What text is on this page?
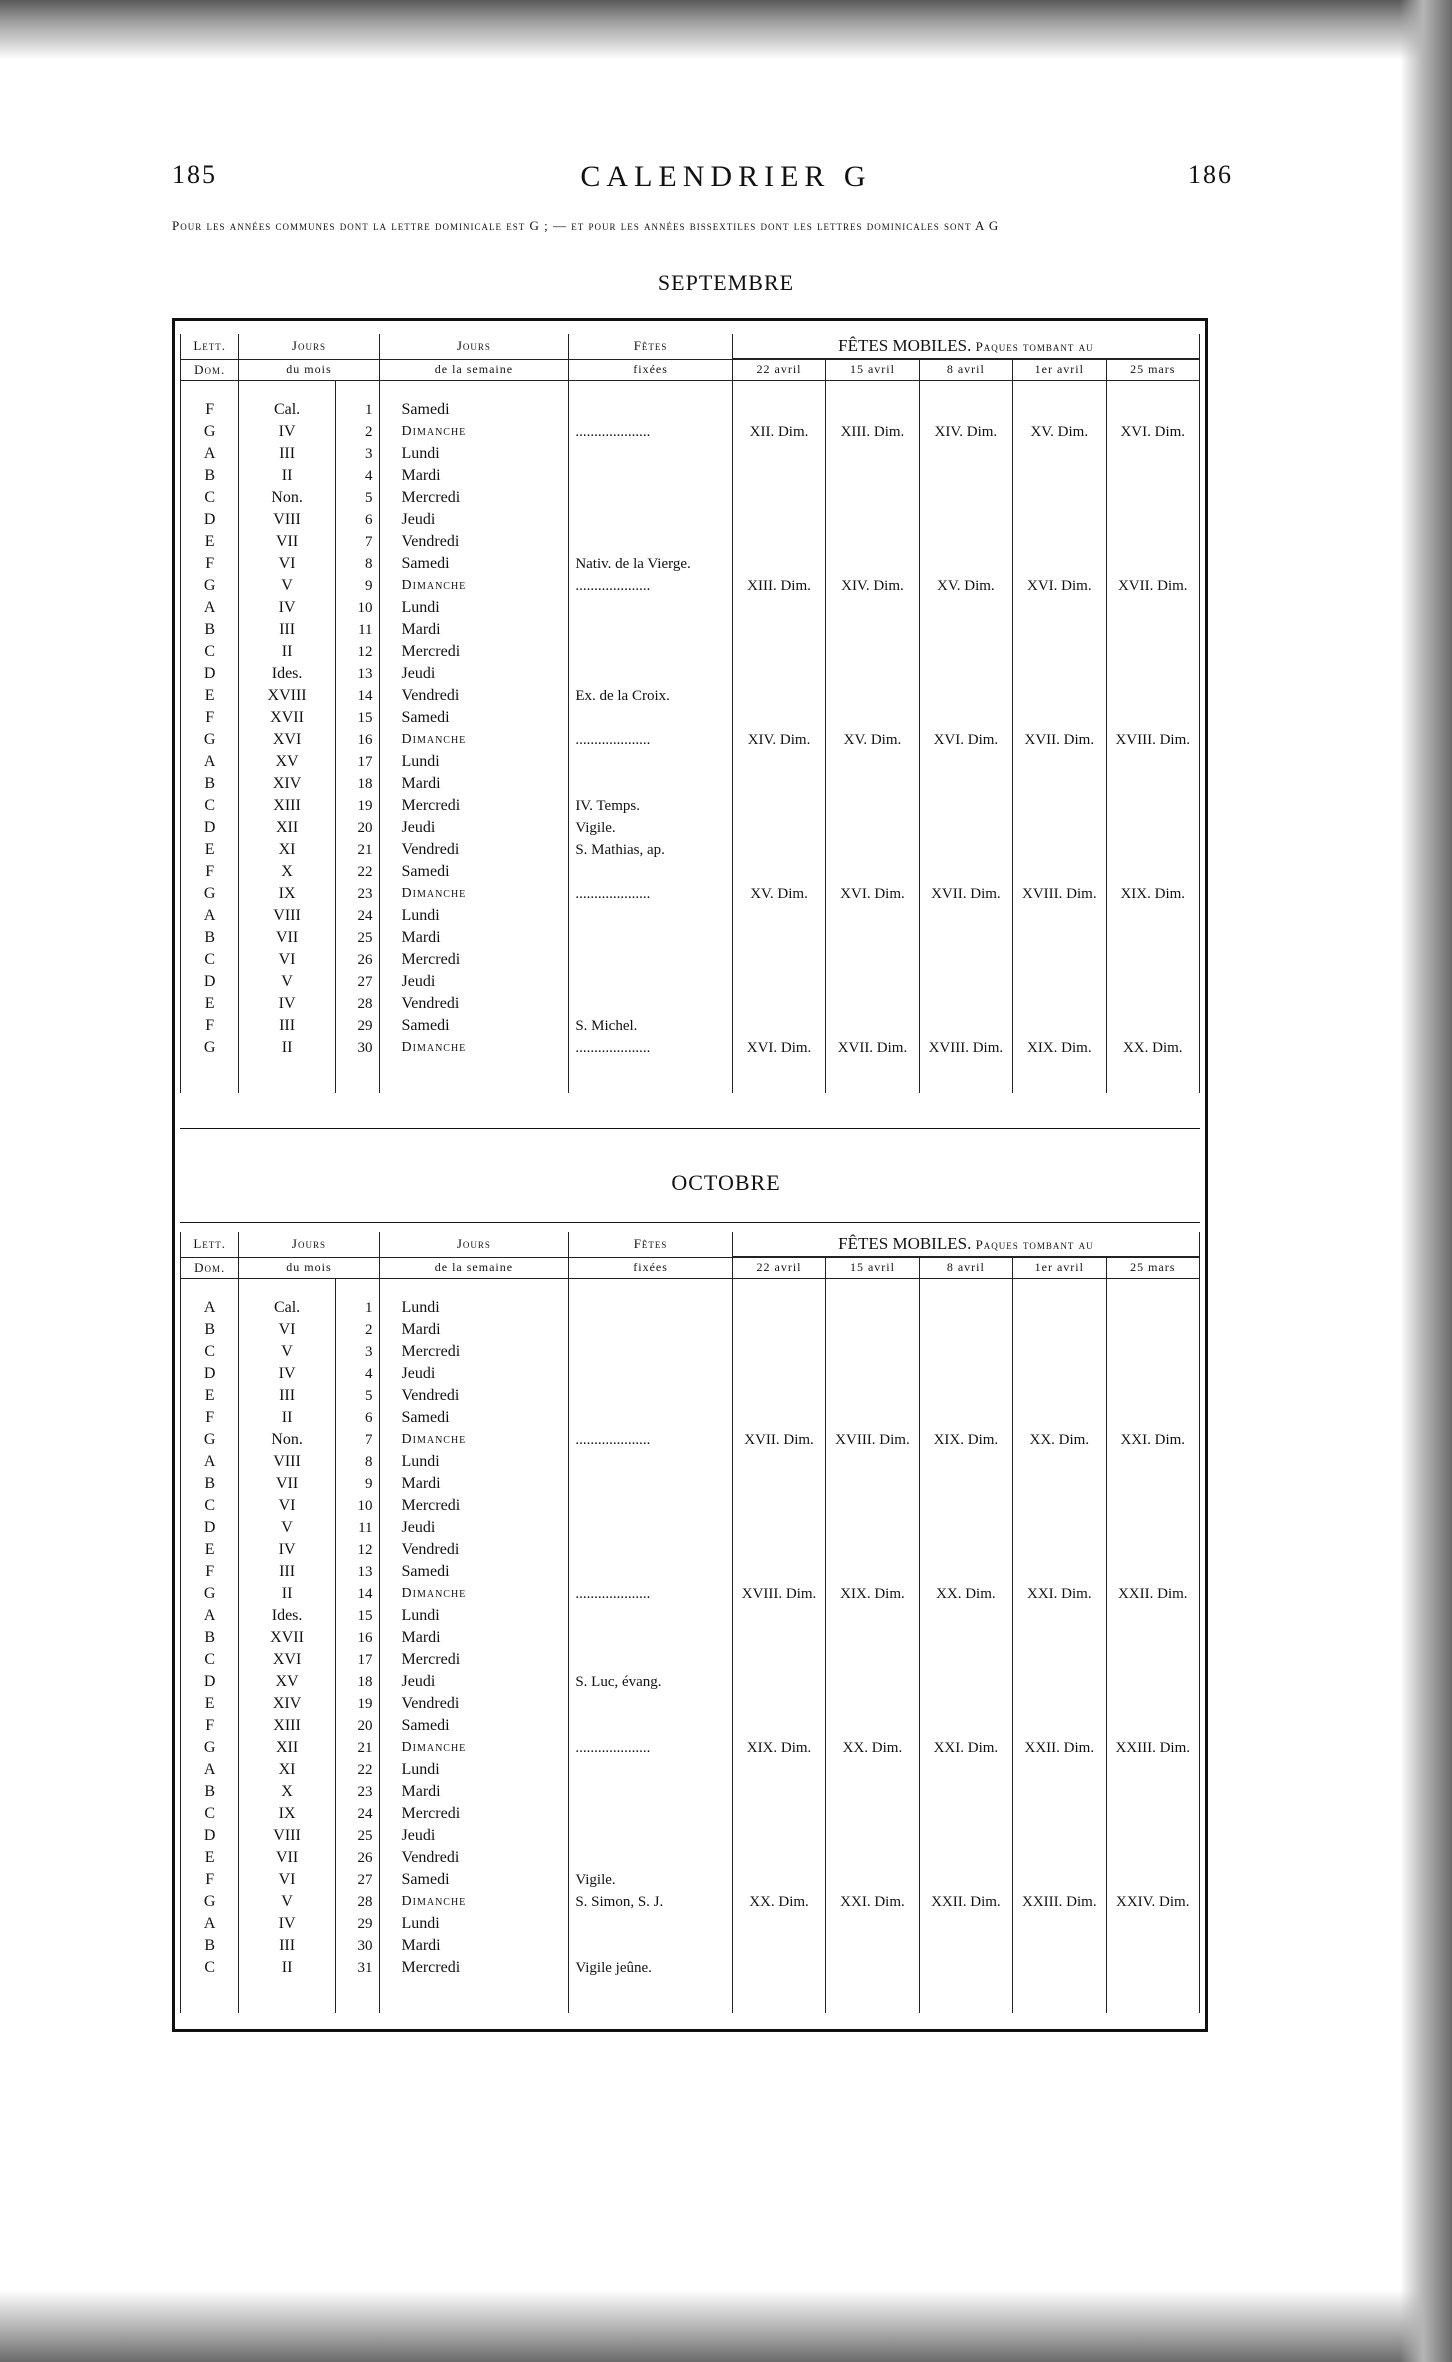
185	CALENDRIER G	186
Pour les années communes dont la lettre dominicale est G ; — et pour les années bissextiles dont les lettres dominicales sont A G
SEPTEMBRE
OCTOBRE
Lett.	Jours		Jours	Fêtes	FÊTES MOBILES. Paques tombant au				
Dom.	du mois		de la semaine	fixées	22 avril	15 avril	8 avril	1er avril	25 mars

F	Cal.	1	Samedi						
G	IV	2	Dimanche	....................	XII. Dim.	XIII. Dim.	XIV. Dim.	XV. Dim.	XVI. Dim.
A	III	3	Lundi						
B	II	4	Mardi						
C	Non.	5	Mercredi						
D	VIII	6	Jeudi						
E	VII	7	Vendredi						
F	VI	8	Samedi	Nativ. de la Vierge.					
G	V	9	Dimanche	....................	XIII. Dim.	XIV. Dim.	XV. Dim.	XVI. Dim.	XVII. Dim.
A	IV	10	Lundi						
B	III	11	Mardi						
C	II	12	Mercredi						
D	Ides.	13	Jeudi						
E	XVIII	14	Vendredi	Ex. de la Croix.					
F	XVII	15	Samedi						
G	XVI	16	Dimanche	....................	XIV. Dim.	XV. Dim.	XVI. Dim.	XVII. Dim.	XVIII. Dim.
A	XV	17	Lundi						
B	XIV	18	Mardi						
C	XIII	19	Mercredi	IV. Temps.					
D	XII	20	Jeudi	Vigile.					
E	XI	21	Vendredi	S. Mathias, ap.					
F	X	22	Samedi						
G	IX	23	Dimanche	....................	XV. Dim.	XVI. Dim.	XVII. Dim.	XVIII. Dim.	XIX. Dim.
A	VIII	24	Lundi						
B	VII	25	Mardi						
C	VI	26	Mercredi						
D	V	27	Jeudi						
E	IV	28	Vendredi						
F	III	29	Samedi	S. Michel.					
G	II	30	Dimanche	....................	XVI. Dim.	XVII. Dim.	XVIII. Dim.	XIX. Dim.	XX. Dim.

Lett.	Jours		Jours	Fêtes	FÊTES MOBILES. Paques tombant au				
Dom.	du mois		de la semaine	fixées	22 avril	15 avril	8 avril	1er avril	25 mars

A	Cal.	1	Lundi						
B	VI	2	Mardi						
C	V	3	Mercredi						
D	IV	4	Jeudi						
E	III	5	Vendredi						
F	II	6	Samedi						
G	Non.	7	Dimanche	....................	XVII. Dim.	XVIII. Dim.	XIX. Dim.	XX. Dim.	XXI. Dim.
A	VIII	8	Lundi						
B	VII	9	Mardi						
C	VI	10	Mercredi						
D	V	11	Jeudi						
E	IV	12	Vendredi						
F	III	13	Samedi						
G	II	14	Dimanche	....................	XVIII. Dim.	XIX. Dim.	XX. Dim.	XXI. Dim.	XXII. Dim.
A	Ides.	15	Lundi						
B	XVII	16	Mardi						
C	XVI	17	Mercredi						
D	XV	18	Jeudi	S. Luc, évang.					
E	XIV	19	Vendredi						
F	XIII	20	Samedi						
G	XII	21	Dimanche	....................	XIX. Dim.	XX. Dim.	XXI. Dim.	XXII. Dim.	XXIII. Dim.
A	XI	22	Lundi						
B	X	23	Mardi						
C	IX	24	Mercredi						
D	VIII	25	Jeudi						
E	VII	26	Vendredi						
F	VI	27	Samedi	Vigile.					
G	V	28	Dimanche	S. Simon, S. J.	XX. Dim.	XXI. Dim.	XXII. Dim.	XXIII. Dim.	XXIV. Dim.
A	IV	29	Lundi						
B	III	30	Mardi						
C	II	31	Mercredi	Vigile jeûne.					
